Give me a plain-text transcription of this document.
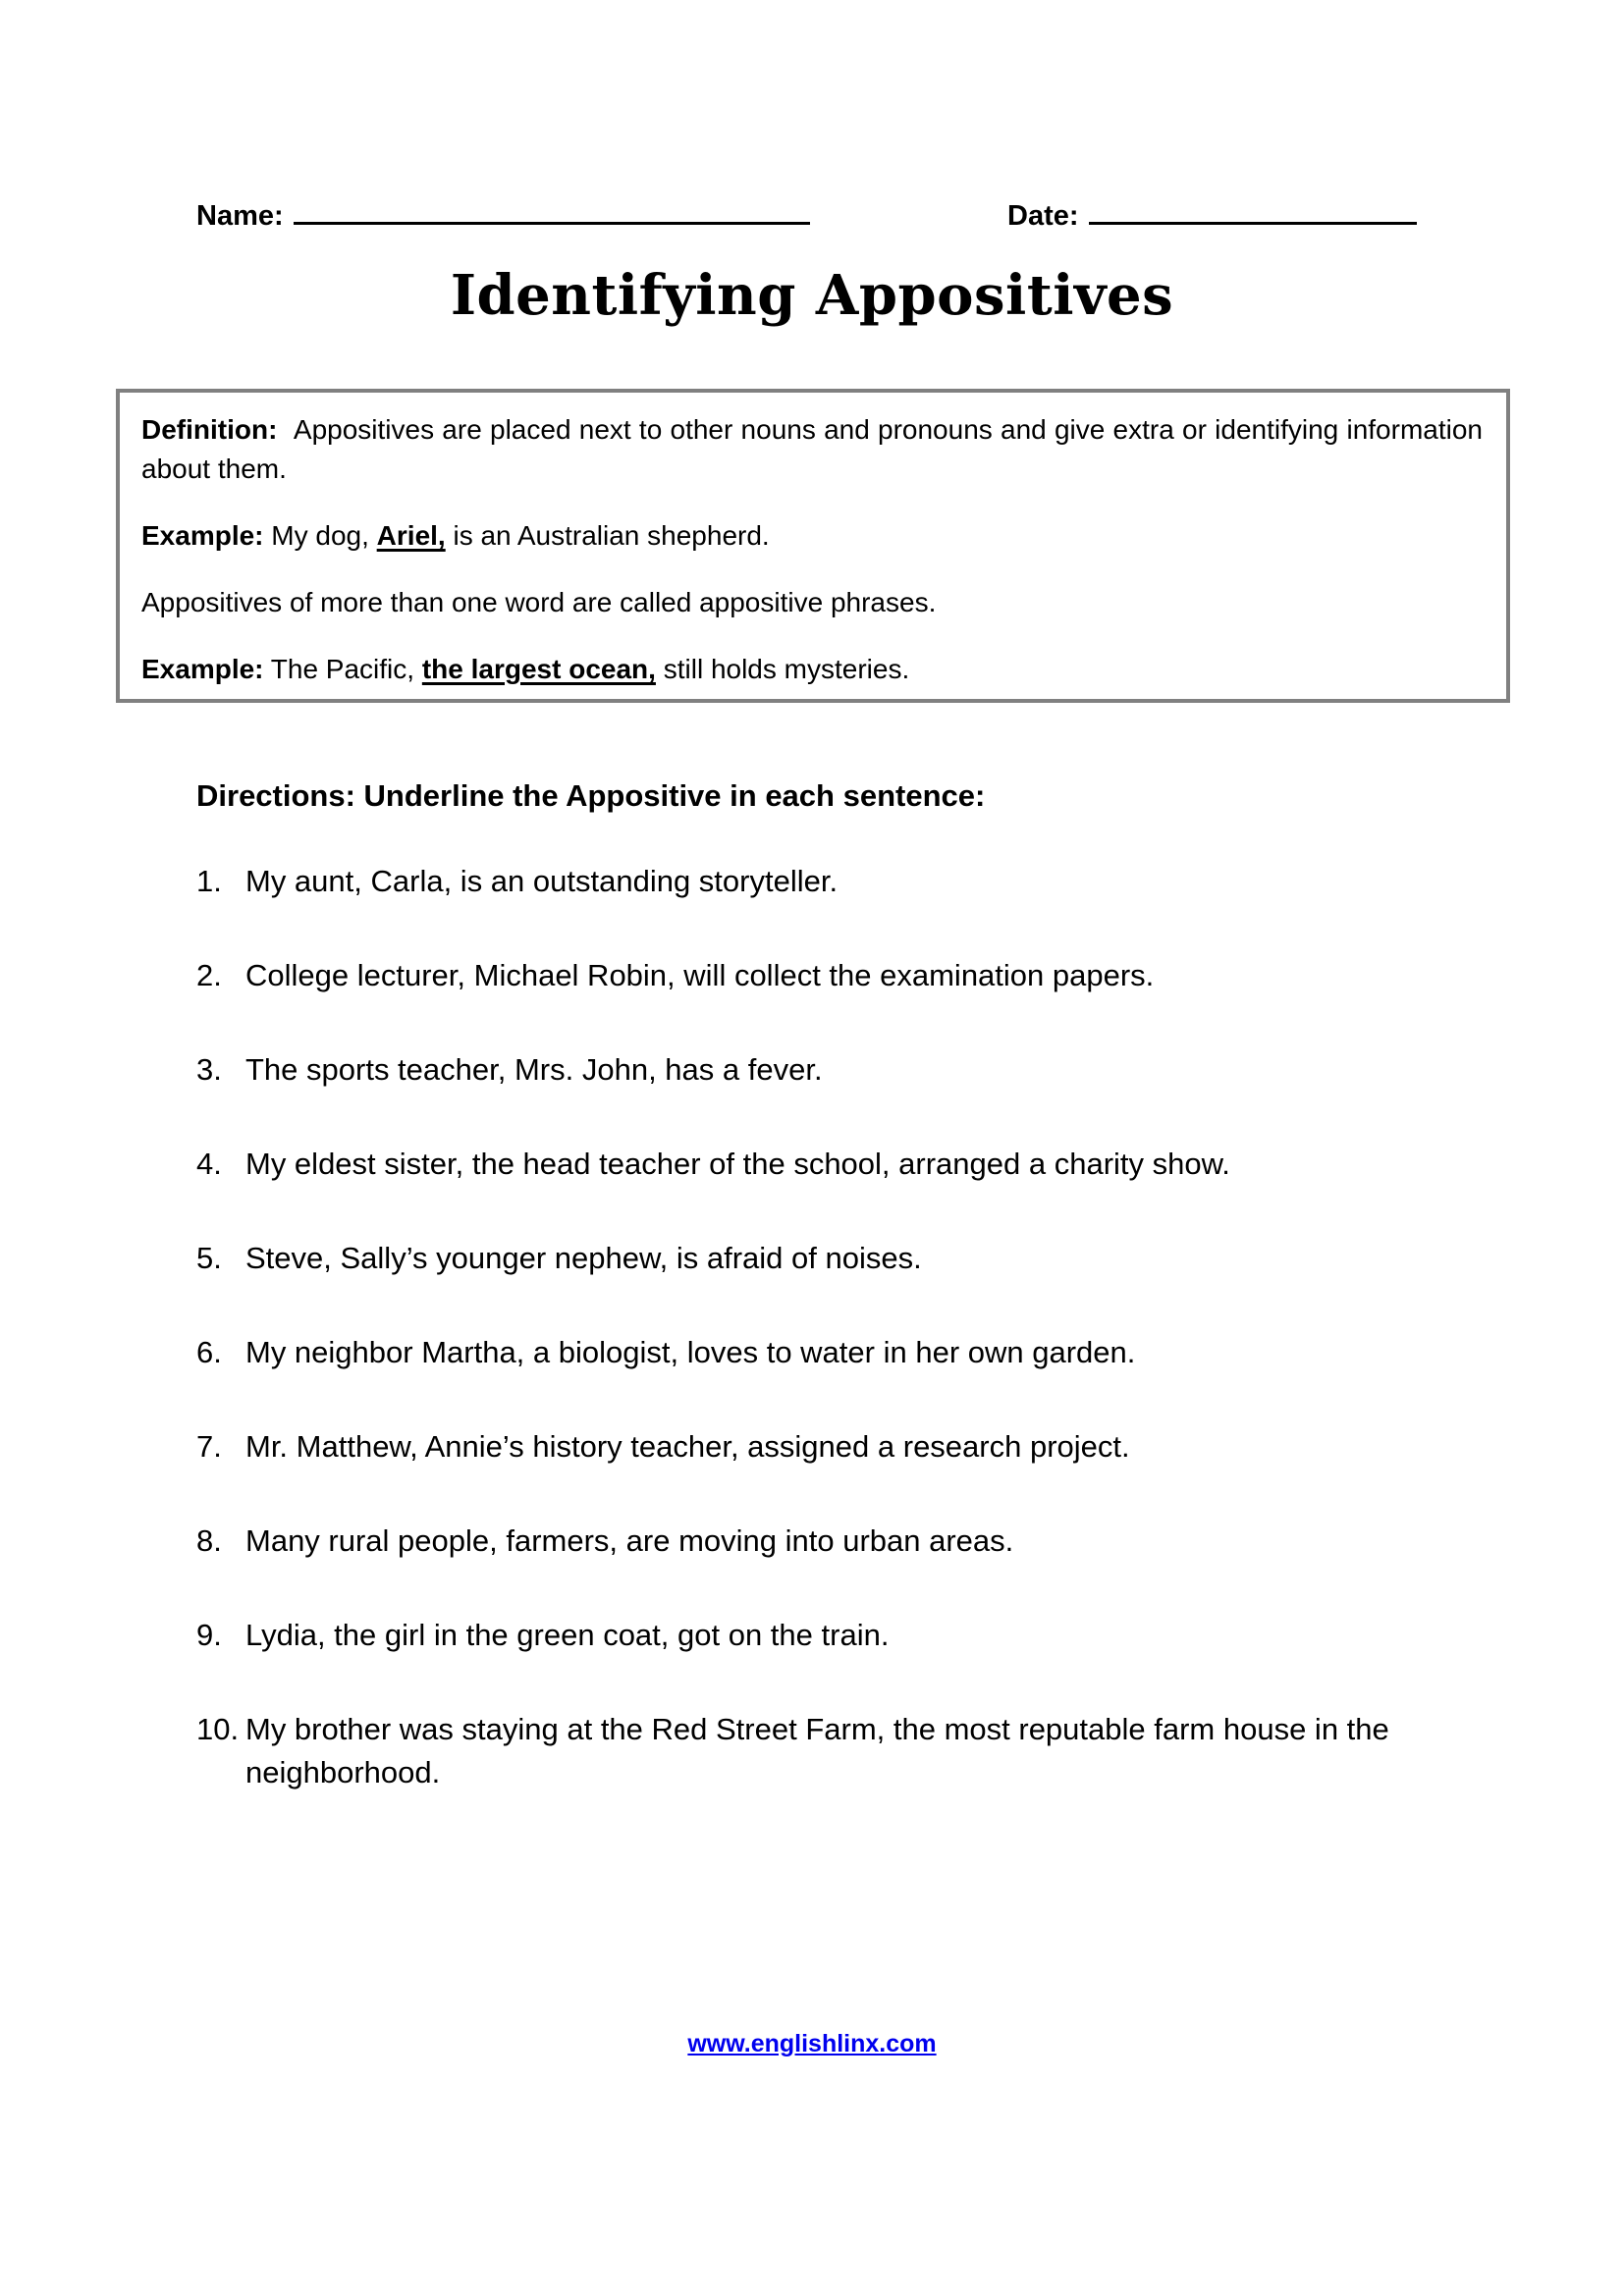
Name:	Date:
Identifying Appositives

Definition: Appositives are placed next to other nouns and pronouns and give extra or identifying information about them.

Example: My dog, Ariel, is an Australian shepherd.

Appositives of more than one word are called appositive phrases.

Example: The Pacific, the largest ocean, still holds mysteries.

Directions: Underline the Appositive in each sentence:
1. My aunt, Carla, is an outstanding storyteller.
2. College lecturer, Michael Robin, will collect the examination papers.
3. The sports teacher, Mrs. John, has a fever.
4. My eldest sister, the head teacher of the school, arranged a charity show.
5. Steve, Sally’s younger nephew, is afraid of noises.
6. My neighbor Martha, a biologist, loves to water in her own garden.
7. Mr. Matthew, Annie’s history teacher, assigned a research project.
8. Many rural people, farmers, are moving into urban areas.
9. Lydia, the girl in the green coat, got on the train.
10. My brother was staying at the Red Street Farm, the most reputable farm house in the neighborhood.
www.englishlinx.com
